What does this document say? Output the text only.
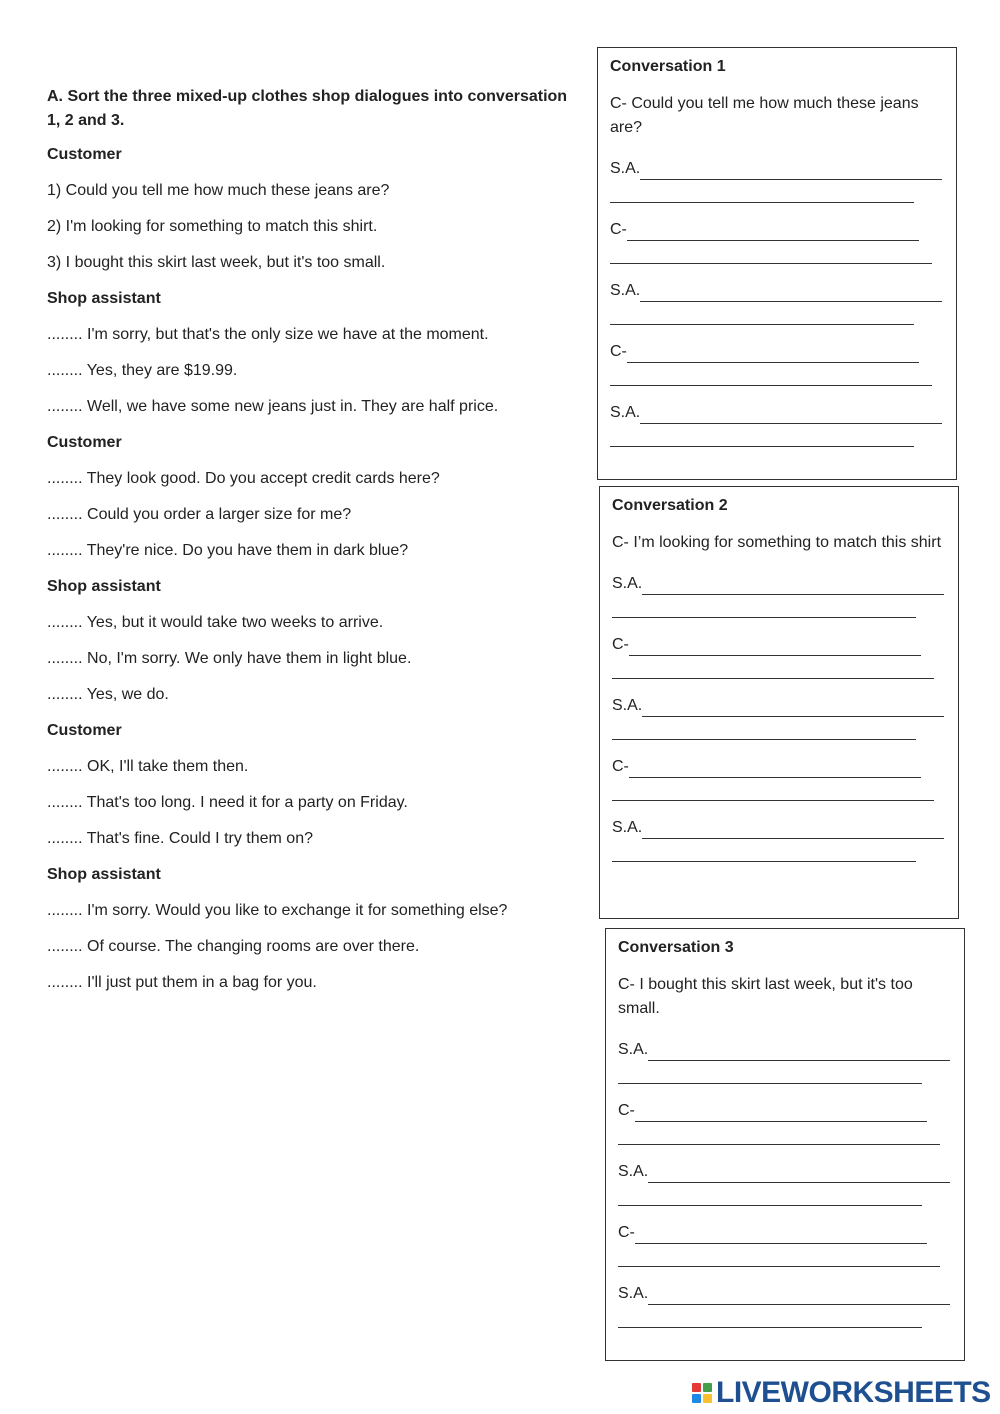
A. Sort the three mixed-up clothes shop dialogues into conversation 1, 2 and 3.
Customer
1) Could you tell me how much these jeans are?
2) I'm looking for something to match this shirt.
3) I bought this skirt last week, but it's too small.
Shop assistant
........ I'm sorry, but that's the only size we have at the moment.
........ Yes, they are $19.99.
........ Well, we have some new jeans just in. They are half price.
Customer
........ They look good. Do you accept credit cards here?
........ Could you order a larger size for me?
........ They're nice. Do you have them in dark blue?
Shop assistant
........ Yes, but it would take two weeks to arrive.
........ No, I'm sorry. We only have them in light blue.
........ Yes, we do.
Customer
........ OK, I'll take them then.
........ That's too long. I need it for a party on Friday.
........ That's fine. Could I try them on?
Shop assistant
........ I'm sorry. Would you like to exchange it for something else?
........ Of course. The changing rooms are over there.
........ I'll just put them in a bag for you.
Conversation 1
C- Could you tell me how much these jeans are?
S.A.
C-
S.A.
C-
S.A.
Conversation 2
C- I’m looking for something to match this shirt
S.A.
C-
S.A.
C-
S.A.
Conversation 3
C- I bought this skirt last week, but it's too small.
S.A.
C-
S.A.
C-
S.A.
LIVEWORKSHEETS
